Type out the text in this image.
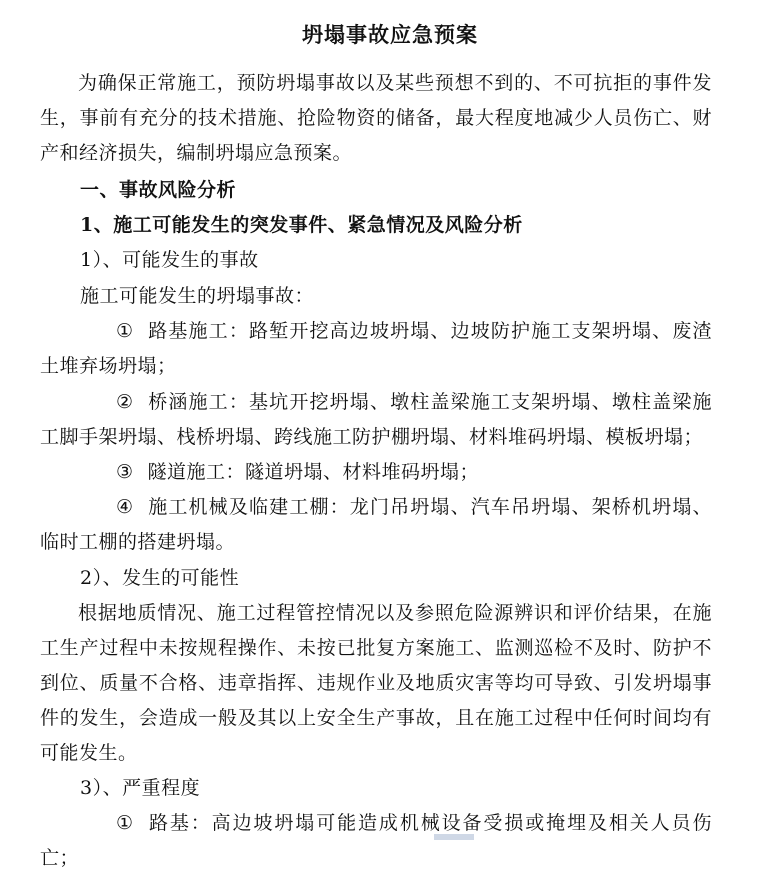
坍塌事故应急预案
为确保正常施工，预防坍塌事故以及某些预想不到的、不可抗拒的事件发生，事前有充分的技术措施、抢险物资的储备，最大程度地减少人员伤亡、财产和经济损失，编制坍塌应急预案。
一、事故风险分析
1、施工可能发生的突发事件、紧急情况及风险分析
1）、可能发生的事故
施工可能发生的坍塌事故：
① 路基施工：路堑开挖高边坡坍塌、边坡防护施工支架坍塌、废渣土堆弃场坍塌；
② 桥涵施工：基坑开挖坍塌、墩柱盖梁施工支架坍塌、墩柱盖梁施工脚手架坍塌、栈桥坍塌、跨线施工防护棚坍塌、材料堆码坍塌、模板坍塌；
③ 隧道施工：隧道坍塌、材料堆码坍塌；
④ 施工机械及临建工棚：龙门吊坍塌、汽车吊坍塌、架桥机坍塌、临时工棚的搭建坍塌。
2）、发生的可能性
根据地质情况、施工过程管控情况以及参照危险源辨识和评价结果，在施工生产过程中未按规程操作、未按已批复方案施工、监测巡检不及时、防护不到位、质量不合格、违章指挥、违规作业及地质灾害等均可导致、引发坍塌事件的发生，会造成一般及其以上安全生产事故，且在施工过程中任何时间均有可能发生。
3）、严重程度
① 路基：高边坡坍塌可能造成机械设备受损或掩埋及相关人员伤亡；
